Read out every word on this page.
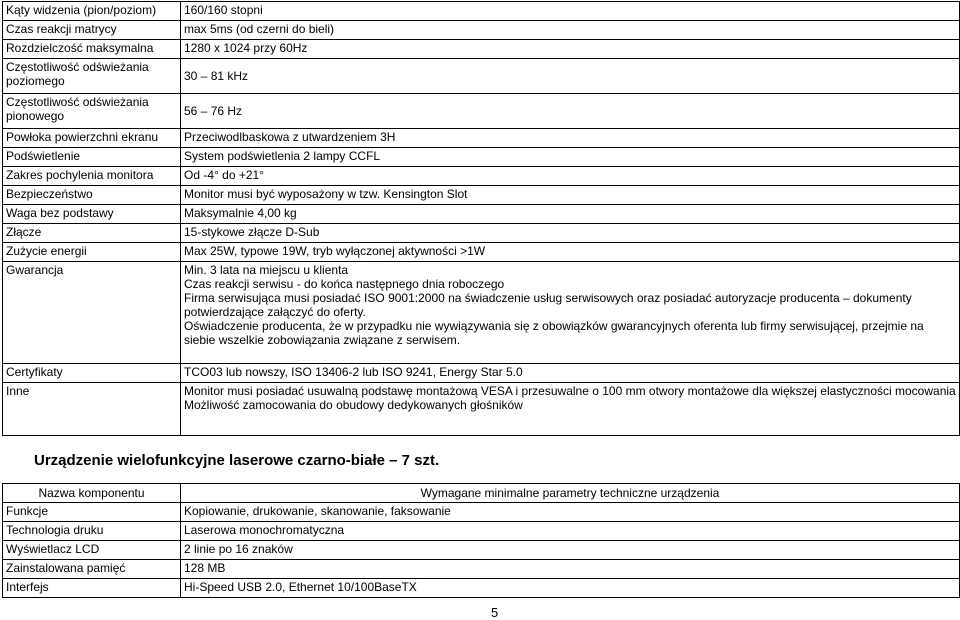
Kąty widzenia (pion/poziom)	160/160 stopni
Czas reakcji matrycy	max 5ms (od czerni do bieli)
Rozdzielczość maksymalna	1280 x 1024 przy 60Hz
Częstotliwość odświeżania poziomego	30 – 81 kHz
Częstotliwość odświeżania pionowego	56 – 76 Hz
Powłoka powierzchni ekranu	Przeciwodlbaskowa z utwardzeniem 3H
Podświetlenie	System podświetlenia 2 lampy CCFL
Zakres pochylenia monitora	Od -4° do +21°
Bezpieczeństwo	Monitor musi być wyposażony w tzw. Kensington Slot
Waga bez podstawy	Maksymalnie 4,00 kg
Złącze	15-stykowe złącze D-Sub
Zużycie energii	Max 25W, typowe 19W, tryb wyłączonej aktywności >1W
Gwarancja	Min. 3 lata na miejscu u klienta
Czas reakcji serwisu - do końca następnego dnia roboczego
Firma serwisująca musi posiadać ISO 9001:2000 na świadczenie usług serwisowych oraz posiadać autoryzacje producenta – dokumenty potwierdzające załączyć do oferty.
Oświadczenie producenta, że w przypadku nie wywiązywania się z obowiązków gwarancyjnych oferenta lub firmy serwisującej, przejmie na siebie wszelkie zobowiązania związane z serwisem.

Certyfikaty	TCO03 lub nowszy, ISO 13406-2 lub ISO 9241, Energy Star 5.0
Inne	Monitor musi posiadać usuwalną podstawę montażową VESA i przesuwalne o 100 mm otwory montażowe dla większej elastyczności mocowania
Możliwość zamocowania do obudowy dedykowanych głośników
Urządzenie wielofunkcyjne laserowe czarno-białe – 7 szt.
Nazwa komponentu	Wymagane minimalne parametry techniczne urządzenia
Funkcje	Kopiowanie, drukowanie, skanowanie, faksowanie
Technologia druku	Laserowa monochromatyczna
Wyświetlacz LCD	2 linie po 16 znaków
Zainstalowana pamięć	128 MB
Interfejs	Hi-Speed USB 2.0, Ethernet 10/100BaseTX
5
